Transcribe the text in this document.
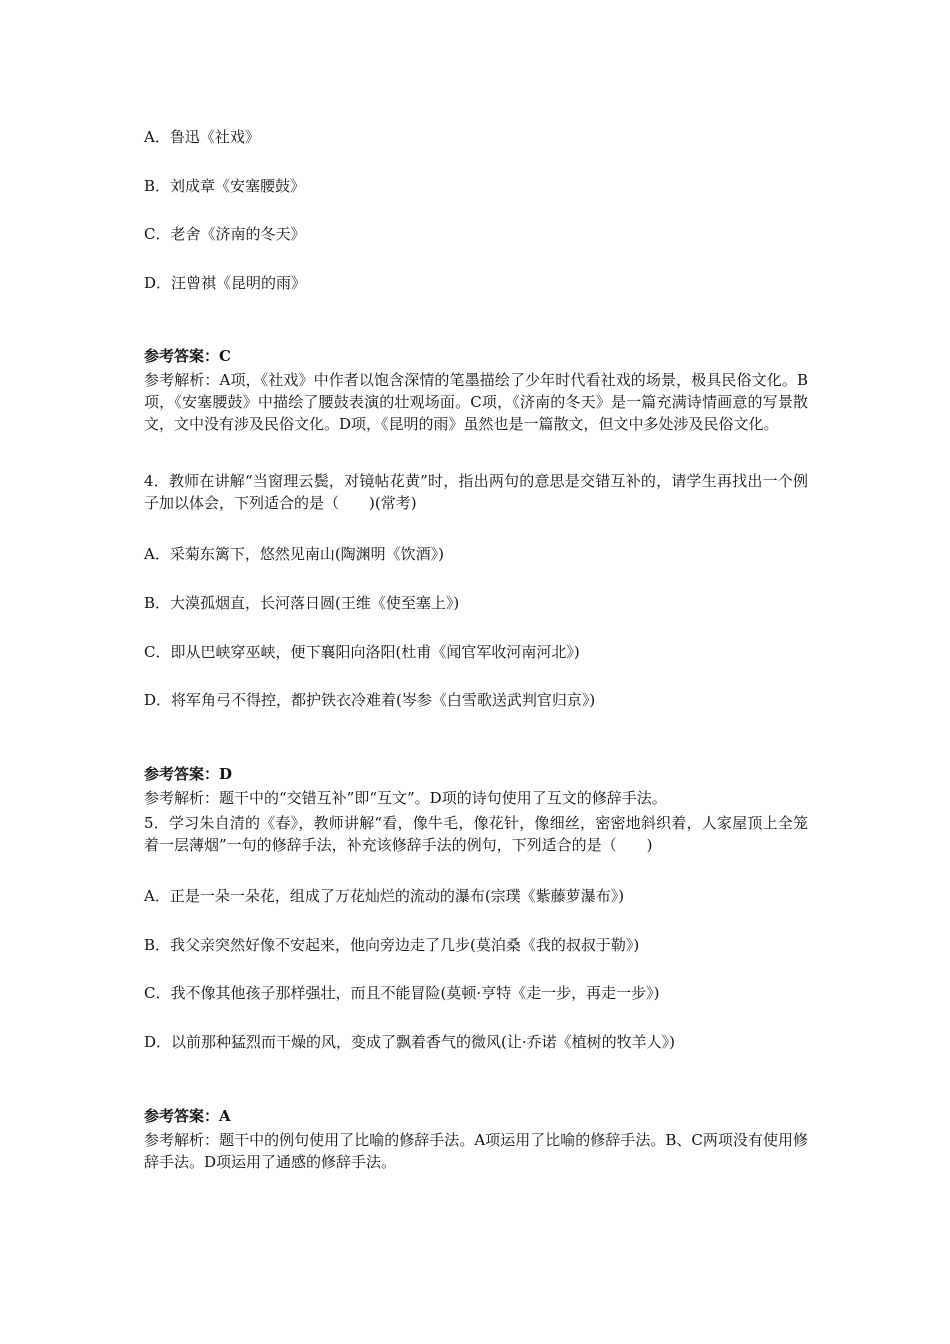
A．鲁迅《社戏》
B．刘成章《安塞腰鼓》
C．老舍《济南的冬天》
D．汪曾祺《昆明的雨》
参考答案：C
参考解析：A项，《社戏》中作者以饱含深情的笔墨描绘了少年时代看社戏的场景，极具民俗文化。B项，《安塞腰鼓》中描绘了腰鼓表演的壮观场面。C项，《济南的冬天》是一篇充满诗情画意的写景散文，文中没有涉及民俗文化。D项，《昆明的雨》虽然也是一篇散文，但文中多处涉及民俗文化。
4．教师在讲解“当窗理云鬓，对镜帖花黄”时，指出两句的意思是交错互补的，请学生再找出一个例子加以体会，下列适合的是（　　)(常考)
A．采菊东篱下，悠然见南山(陶渊明《饮酒》)
B．大漠孤烟直，长河落日圆(王维《使至塞上》)
C．即从巴峡穿巫峡，便下襄阳向洛阳(杜甫《闻官军收河南河北》)
D．将军角弓不得控，都护铁衣冷难着(岑参《白雪歌送武判官归京》)
参考答案：D
参考解析：题干中的“交错互补”即“互文”。D项的诗句使用了互文的修辞手法。
5．学习朱自清的《春》，教师讲解“看，像牛毛，像花针，像细丝，密密地斜织着，人家屋顶上全笼着一层薄烟”一句的修辞手法，补充该修辞手法的例句，下列适合的是（　　)
A．正是一朵一朵花，组成了万花灿烂的流动的瀑布(宗璞《紫藤萝瀑布》)
B．我父亲突然好像不安起来，他向旁边走了几步(莫泊桑《我的叔叔于勒》)
C．我不像其他孩子那样强壮，而且不能冒险(莫顿·亨特《走一步，再走一步》)
D．以前那种猛烈而干燥的风，变成了飘着香气的微风(让·乔诺《植树的牧羊人》)
参考答案：A
参考解析：题干中的例句使用了比喻的修辞手法。A项运用了比喻的修辞手法。B、C两项没有使用修辞手法。D项运用了通感的修辞手法。
